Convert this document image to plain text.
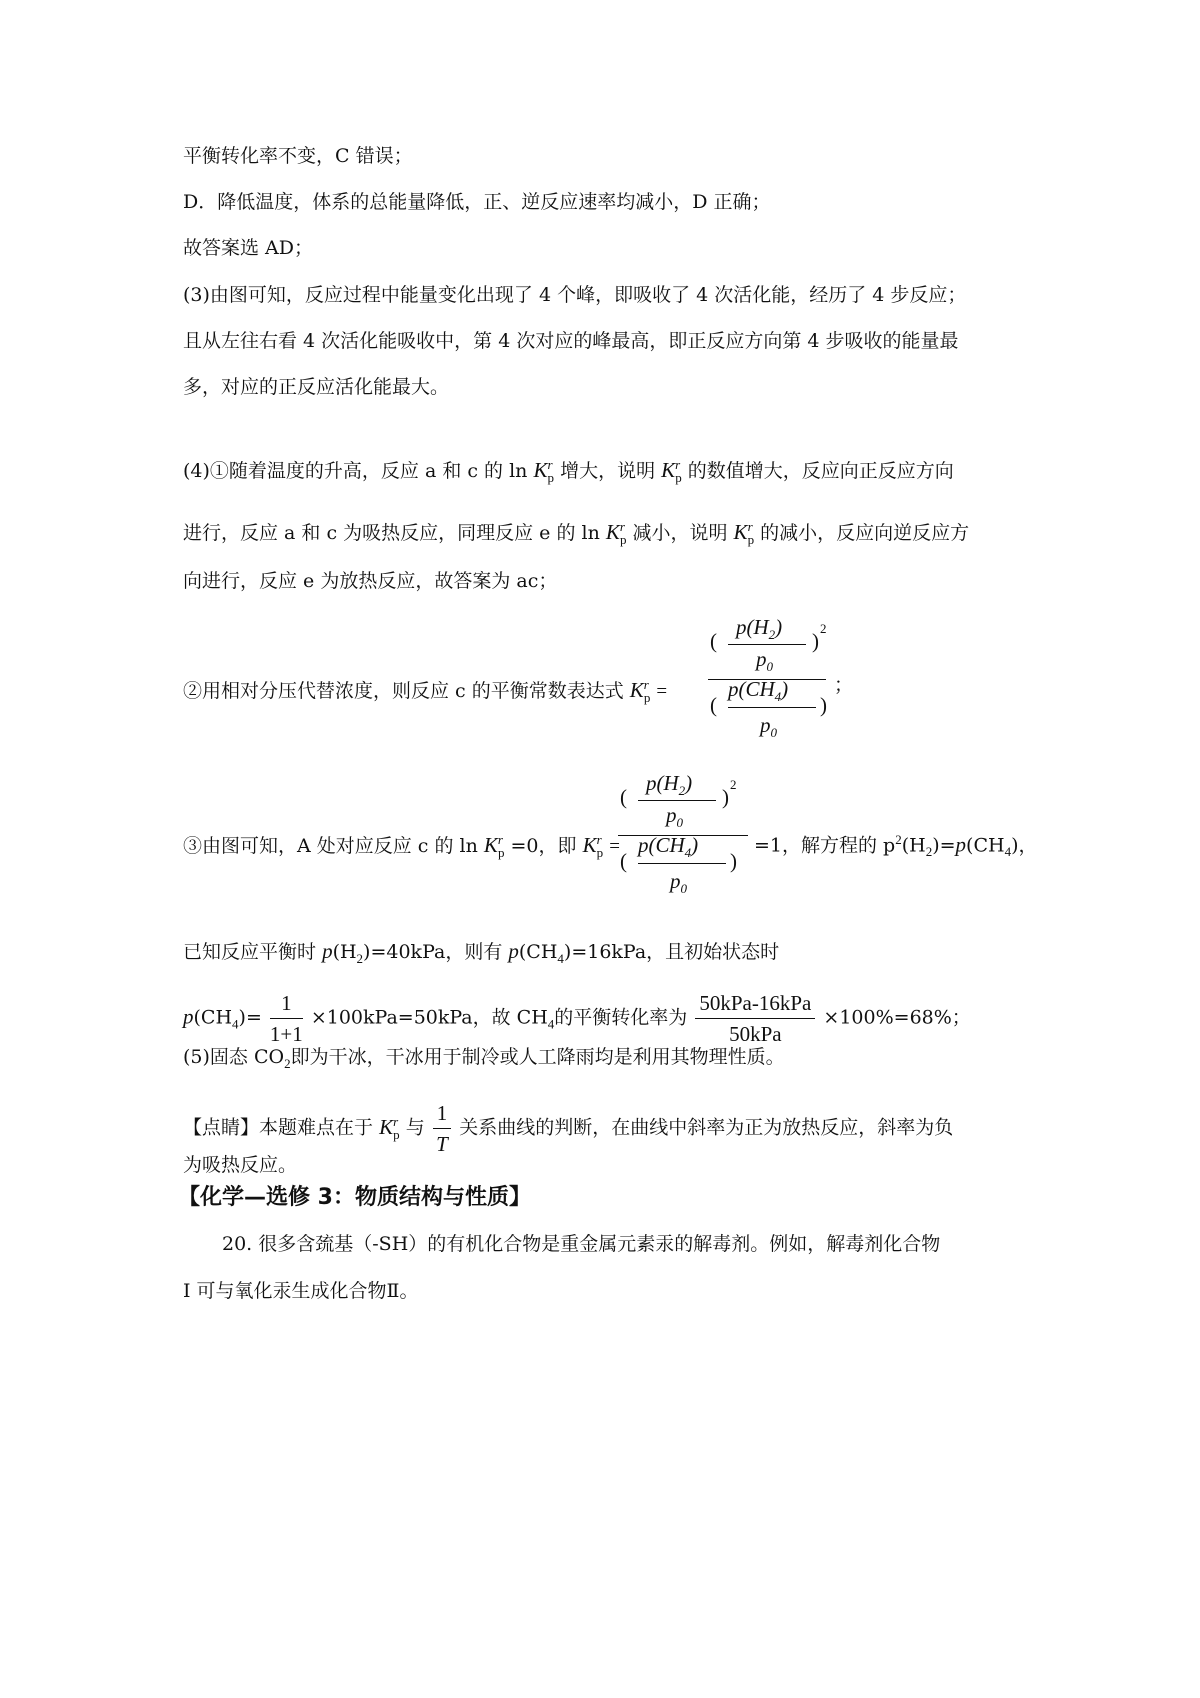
平衡转化率不变，C 错误；
D．降低温度，体系的总能量降低，正、逆反应速率均减小，D 正确；
故答案选 AD；
(3)由图可知，反应过程中能量变化出现了 4 个峰，即吸收了 4 次活化能，经历了 4 步反应；
且从左往右看 4 次活化能吸收中，第 4 次对应的峰最高，即正反应方向第 4 步吸收的能量最
多，对应的正反应活化能最大。
(4)①随着温度的升高，反应 a 和 c 的 $\ln K^r_p$ 增大，说明 $K^r_p$ 的数值增大，反应向正反应方向
进行，反应 a 和 c 为吸热反应，同理反应 e 的 $\ln K^r_p$ 减小，说明 $K^r_p$ 的减小，反应向逆反应方
向进行，反应 e 为放热反应，故答案为 ac；
②用相对分压代替浓度，则反应 c 的平衡常数表达式 $K^r_p$ =
(
$p(H_2)$
)
2
$p_0$
(
$p(CH_4)$
)
$p_0$
；
③由图可知，A 处对应反应 c 的 $\ln K^r_p =0$，即 $K^r_p$ =
(
$p(H_2)$
)
2
$p_0$
(
$p(CH_4)$
)
$p_0$
=1，解方程的 $p^2(H_2)=p(CH_4)$，
已知反应平衡时 $p(H_2)=40kPa$，则有 $p(CH_4)=16kPa$，且初始状态时
$p(CH_4)= \frac{1}{1+1} \times 100kPa=50kPa$，故 $CH_4$的平衡转化率为 $\frac{\text{50kPa-16kPa}}{\text{50kPa}} \times 100\%=68\%$；
(5)固态 $CO_2$即为干冰，干冰用于制冷或人工降雨均是利用其物理性质。
【点睛】本题难点在于 $K^r_p$ 与 $\frac{1}{T}$ 关系曲线的判断，在曲线中斜率为正为放热反应，斜率为负
为吸热反应。
【化学—选修 3：物质结构与性质】
20. 很多含巯基（-SH）的有机化合物是重金属元素汞的解毒剂。例如，解毒剂化合物
I 可与氧化汞生成化合物Ⅱ。
